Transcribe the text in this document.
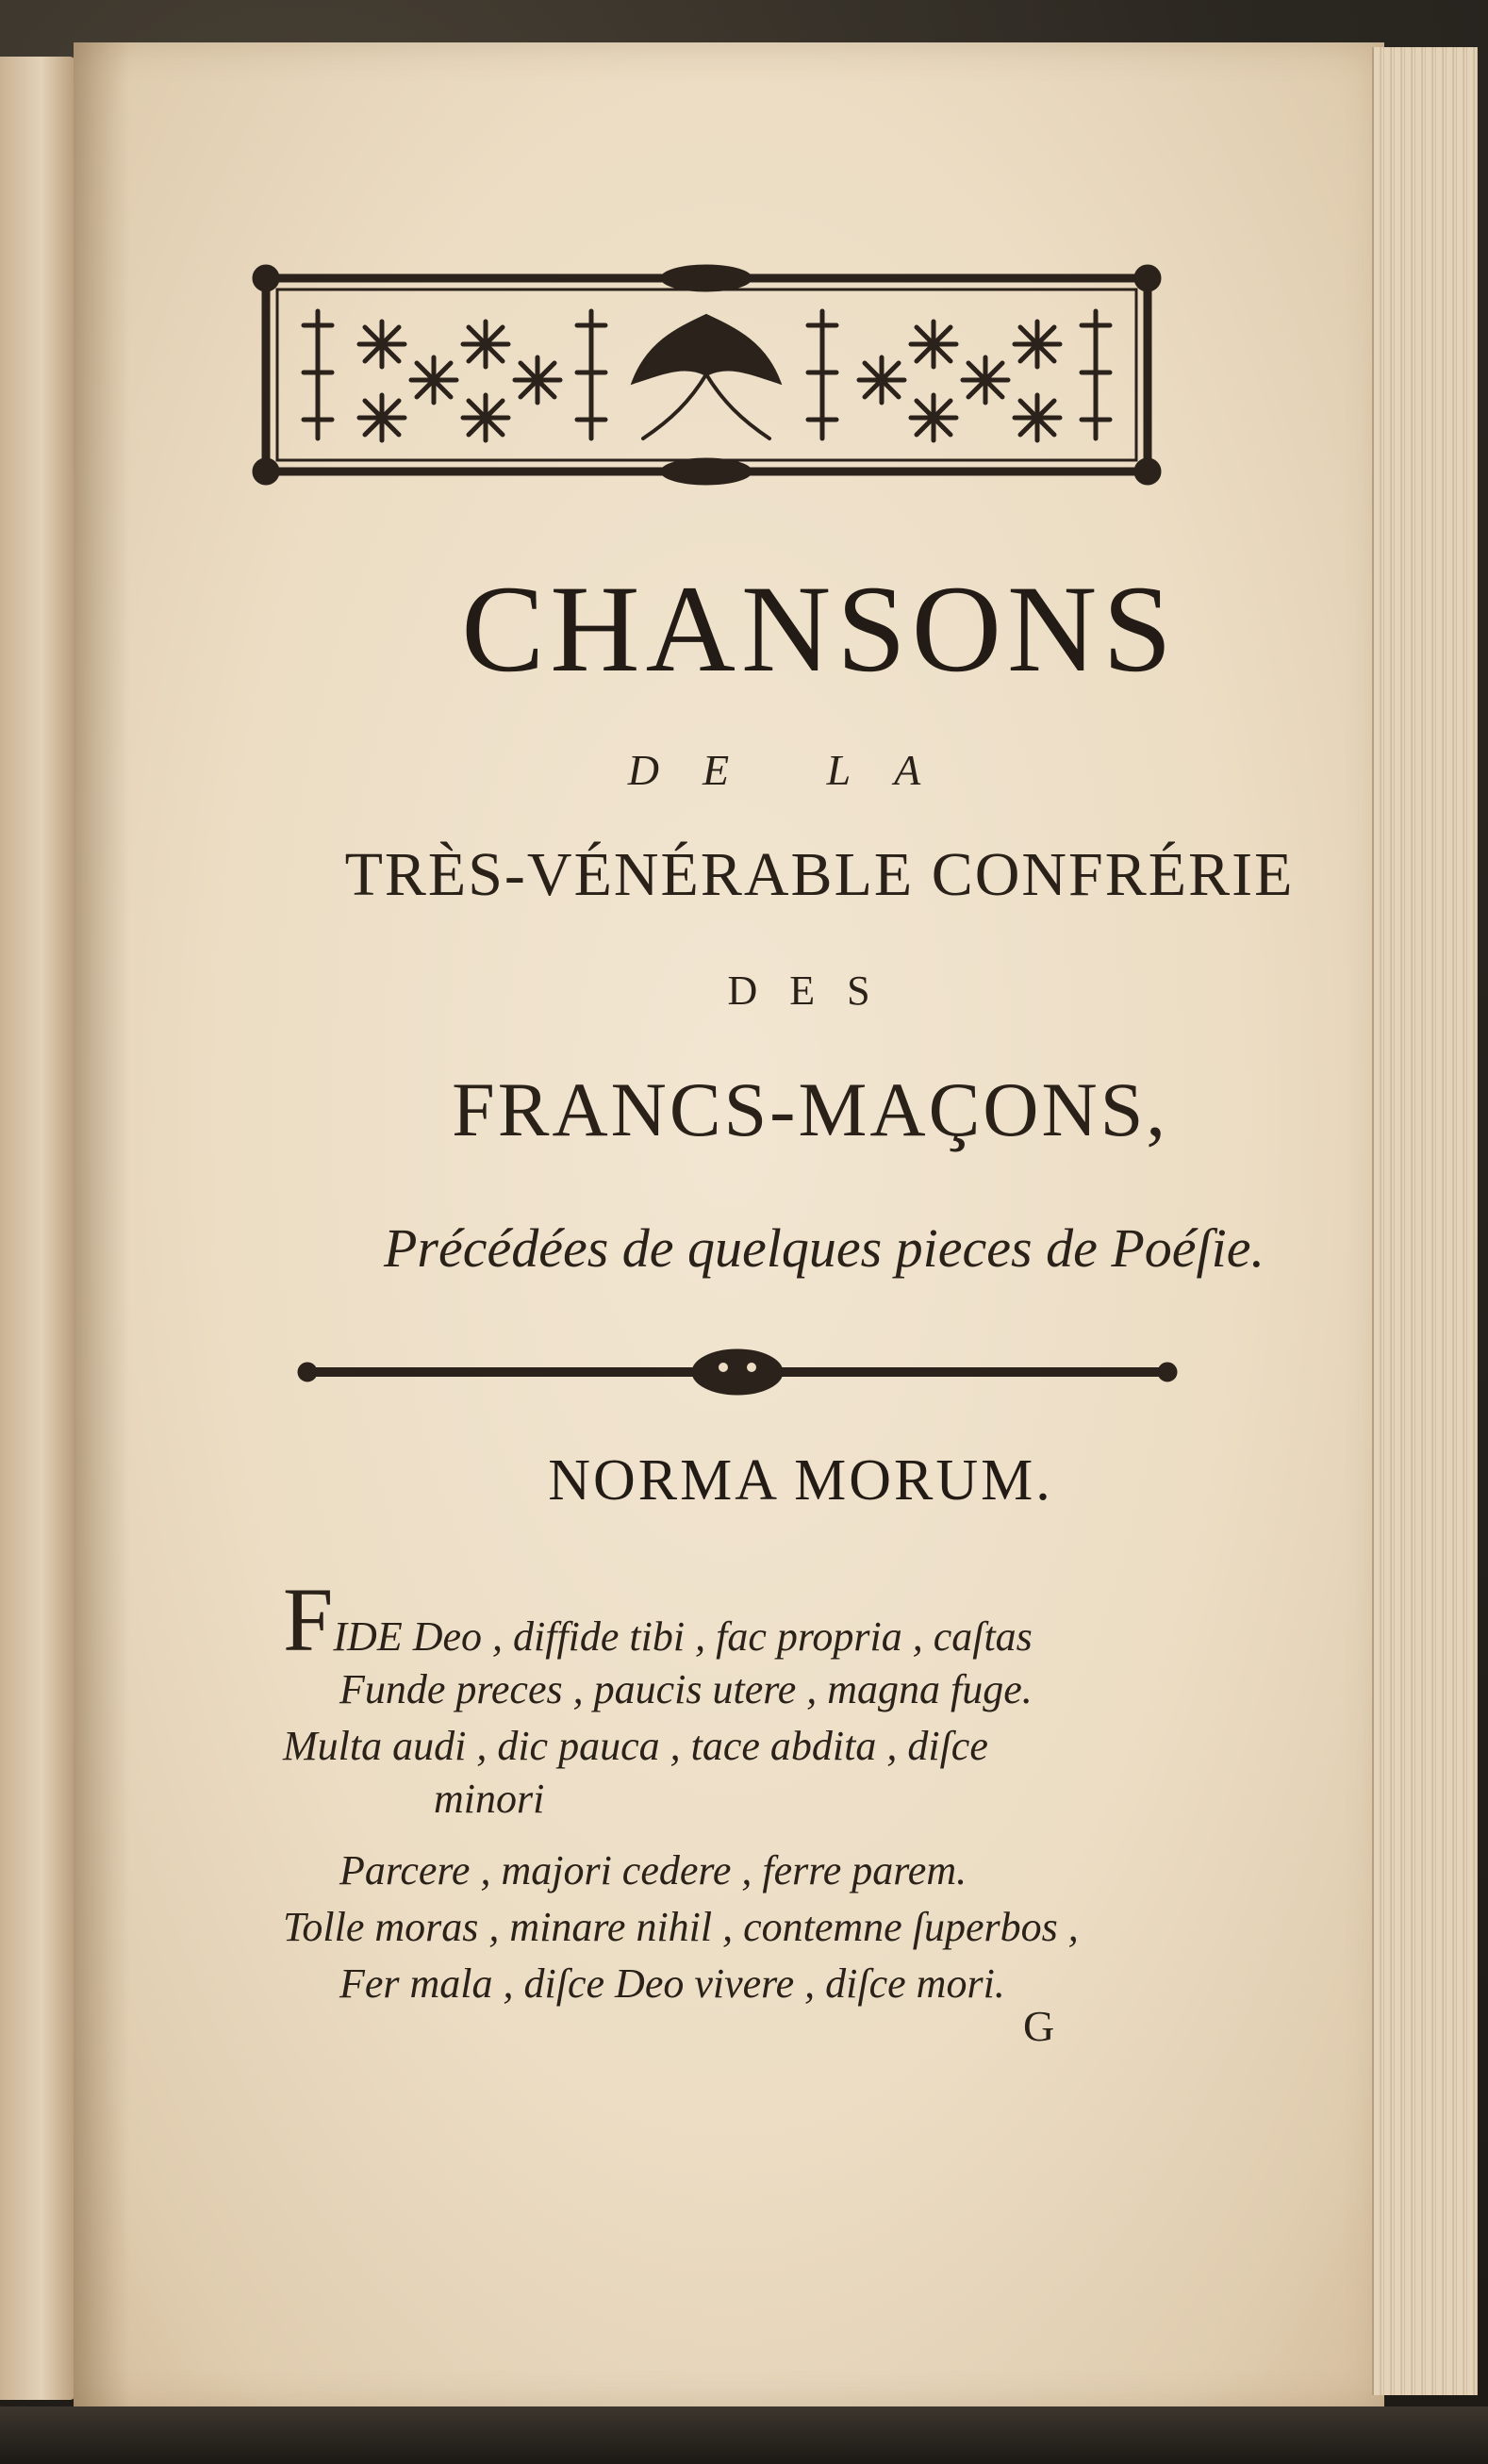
CHANSONS
DE LA
TRÈS-VÉNÉRABLE CONFRÉRIE
DES
FRANCS-MAÇONS,
Précédées de quelques pieces de Poéſie.
NORMA MORUM.
FIDE Deo , diffide tibi , fac propria , caſtas
Funde preces , paucis utere , magna fuge.
Multa audi , dic pauca , tace abdita , diſce
minori
Parcere , majori cedere , ferre parem.
Tolle moras , minare nihil , contemne ſuperbos ,
Fer mala , diſce Deo vivere , diſce mori.
G
